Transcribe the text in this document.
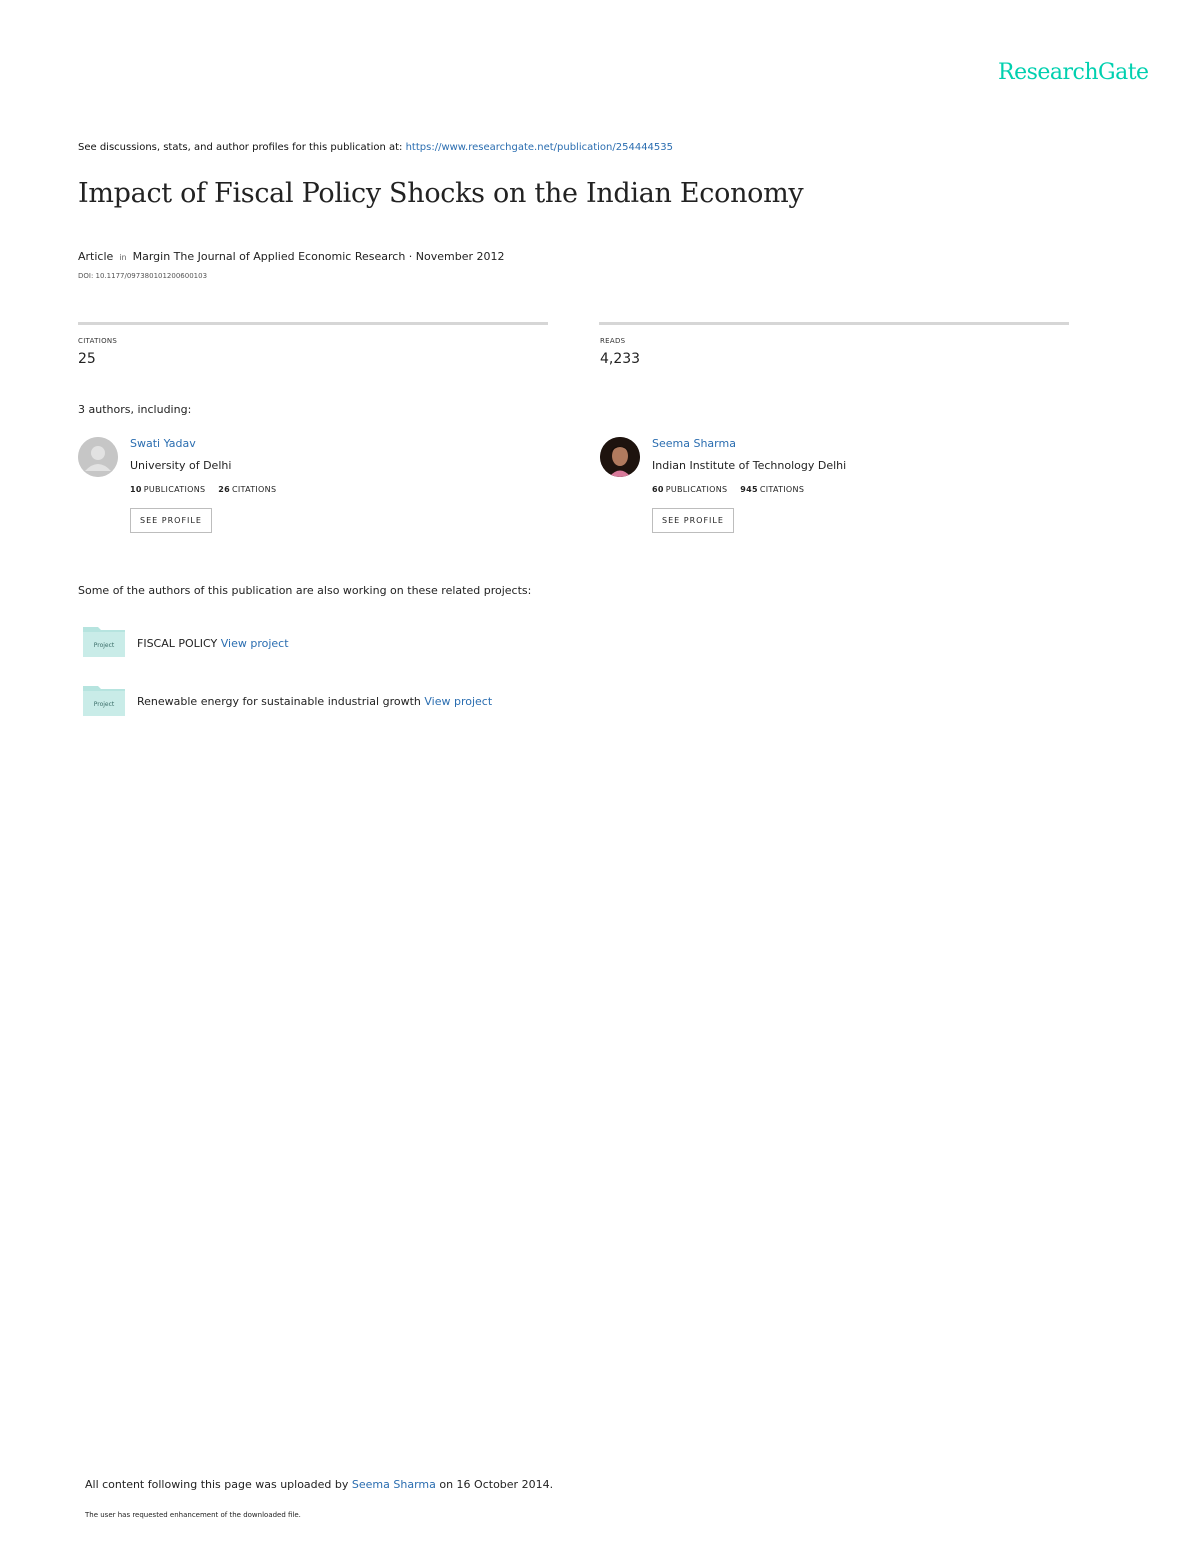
ResearchGate
See discussions, stats, and author profiles for this publication at: https://www.researchgate.net/publication/254444535
Impact of Fiscal Policy Shocks on the Indian Economy
Article in Margin The Journal of Applied Economic Research · November 2012
DOI: 10.1177/097380101200600103
CITATIONS
25
READS
4,233
3 authors, including:
Swati Yadav
University of Delhi
10 PUBLICATIONS 26 CITATIONS
SEE PROFILE
Seema Sharma
Indian Institute of Technology Delhi
60 PUBLICATIONS 945 CITATIONS
SEE PROFILE
Some of the authors of this publication are also working on these related projects:
Project FISCAL POLICY View project
Project Renewable energy for sustainable industrial growth View project
All content following this page was uploaded by Seema Sharma on 16 October 2014.
The user has requested enhancement of the downloaded file.
